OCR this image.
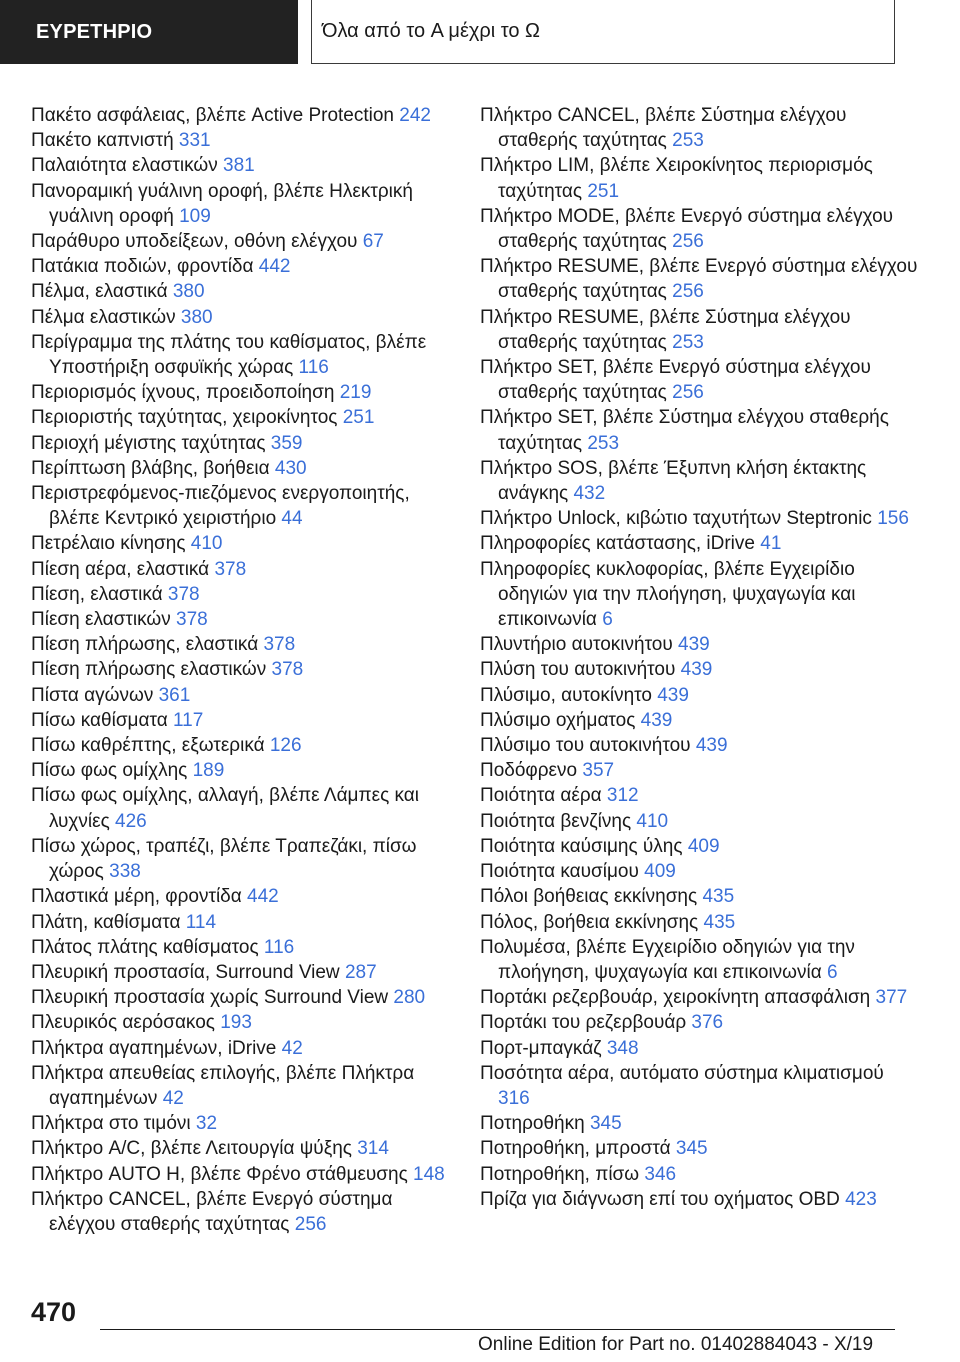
ΕΥΡΕΤΗΡΙΟ	Όλα από το A μέχρι το Ω
Πακέτο ασφάλειας, βλέπε Active Protection 242
Πακέτο καπνιστή 331
Παλαιότητα ελαστικών 381
Πανοραμική γυάλινη οροφή, βλέπε Ηλεκτρική γυάλινη οροφή 109
Παράθυρο υποδείξεων, οθόνη ελέγχου 67
Πατάκια ποδιών, φροντίδα 442
Πέλμα, ελαστικά 380
Πέλμα ελαστικών 380
Περίγραμμα της πλάτης του καθίσματος, βλέπε Υποστήριξη οσφυϊκής χώρας 116
Περιορισμός ίχνους, προειδοποίηση 219
Περιοριστής ταχύτητας, χειροκίνητος 251
Περιοχή μέγιστης ταχύτητας 359
Περίπτωση βλάβης, βοήθεια 430
Περιστρεφόμενος-πιεζόμενος ενεργοποιητής, βλέπε Κεντρικό χειριστήριο 44
Πετρέλαιο κίνησης 410
Πίεση αέρα, ελαστικά 378
Πίεση, ελαστικά 378
Πίεση ελαστικών 378
Πίεση πλήρωσης, ελαστικά 378
Πίεση πλήρωσης ελαστικών 378
Πίστα αγώνων 361
Πίσω καθίσματα 117
Πίσω καθρέπτης, εξωτερικά 126
Πίσω φως ομίχλης 189
Πίσω φως ομίχλης, αλλαγή, βλέπε Λάμπες και λυχνίες 426
Πίσω χώρος, τραπέζι, βλέπε Τραπεζάκι, πίσω χώρος 338
Πλαστικά μέρη, φροντίδα 442
Πλάτη, καθίσματα 114
Πλάτος πλάτης καθίσματος 116
Πλευρική προστασία, Surround View 287
Πλευρική προστασία χωρίς Surround View 280
Πλευρικός αερόσακος 193
Πλήκτρα αγαπημένων, iDrive 42
Πλήκτρα απευθείας επιλογής, βλέπε Πλήκτρα αγαπημένων 42
Πλήκτρα στο τιμόνι 32
Πλήκτρο A/C, βλέπε Λειτουργία ψύξης 314
Πλήκτρο AUTO H, βλέπε Φρένο στάθμευσης 148
Πλήκτρο CANCEL, βλέπε Ενεργό σύστημα ελέγχου σταθερής ταχύτητας 256
Πλήκτρο CANCEL, βλέπε Σύστημα ελέγχου σταθερής ταχύτητας 253
Πλήκτρο LIM, βλέπε Χειροκίνητος περιορισμός ταχύτητας 251
Πλήκτρο MODE, βλέπε Ενεργό σύστημα ελέγχου σταθερής ταχύτητας 256
Πλήκτρο RESUME, βλέπε Ενεργό σύστημα ελέγχου σταθερής ταχύτητας 256
Πλήκτρο RESUME, βλέπε Σύστημα ελέγχου σταθερής ταχύτητας 253
Πλήκτρο SET, βλέπε Ενεργό σύστημα ελέγχου σταθερής ταχύτητας 256
Πλήκτρο SET, βλέπε Σύστημα ελέγχου σταθερής ταχύτητας 253
Πλήκτρο SOS, βλέπε Έξυπνη κλήση έκτακτης ανάγκης 432
Πλήκτρο Unlock, κιβώτιο ταχυτήτων Steptronic 156
Πληροφορίες κατάστασης, iDrive 41
Πληροφορίες κυκλοφορίας, βλέπε Εγχειρίδιο οδηγιών για την πλοήγηση, ψυχαγωγία και επικοινωνία 6
Πλυντήριο αυτοκινήτου 439
Πλύση του αυτοκινήτου 439
Πλύσιμο, αυτοκίνητο 439
Πλύσιμο οχήματος 439
Πλύσιμο του αυτοκινήτου 439
Ποδόφρενο 357
Ποιότητα αέρα 312
Ποιότητα βενζίνης 410
Ποιότητα καύσιμης ύλης 409
Ποιότητα καυσίμου 409
Πόλοι βοήθειας εκκίνησης 435
Πόλος, βοήθεια εκκίνησης 435
Πολυμέσα, βλέπε Εγχειρίδιο οδηγιών για την πλοήγηση, ψυχαγωγία και επικοινωνία 6
Πορτάκι ρεζερβουάρ, χειροκίνητη απασφάλιση 377
Πορτάκι του ρεζερβουάρ 376
Πορτ-μπαγκάζ 348
Ποσότητα αέρα, αυτόματο σύστημα κλιματισμού 316
Ποτηροθήκη 345
Ποτηροθήκη, μπροστά 345
Ποτηροθήκη, πίσω 346
Πρίζα για διάγνωση επί του οχήματος OBD 423
470
Online Edition for Part no. 01402884043 - X/19
